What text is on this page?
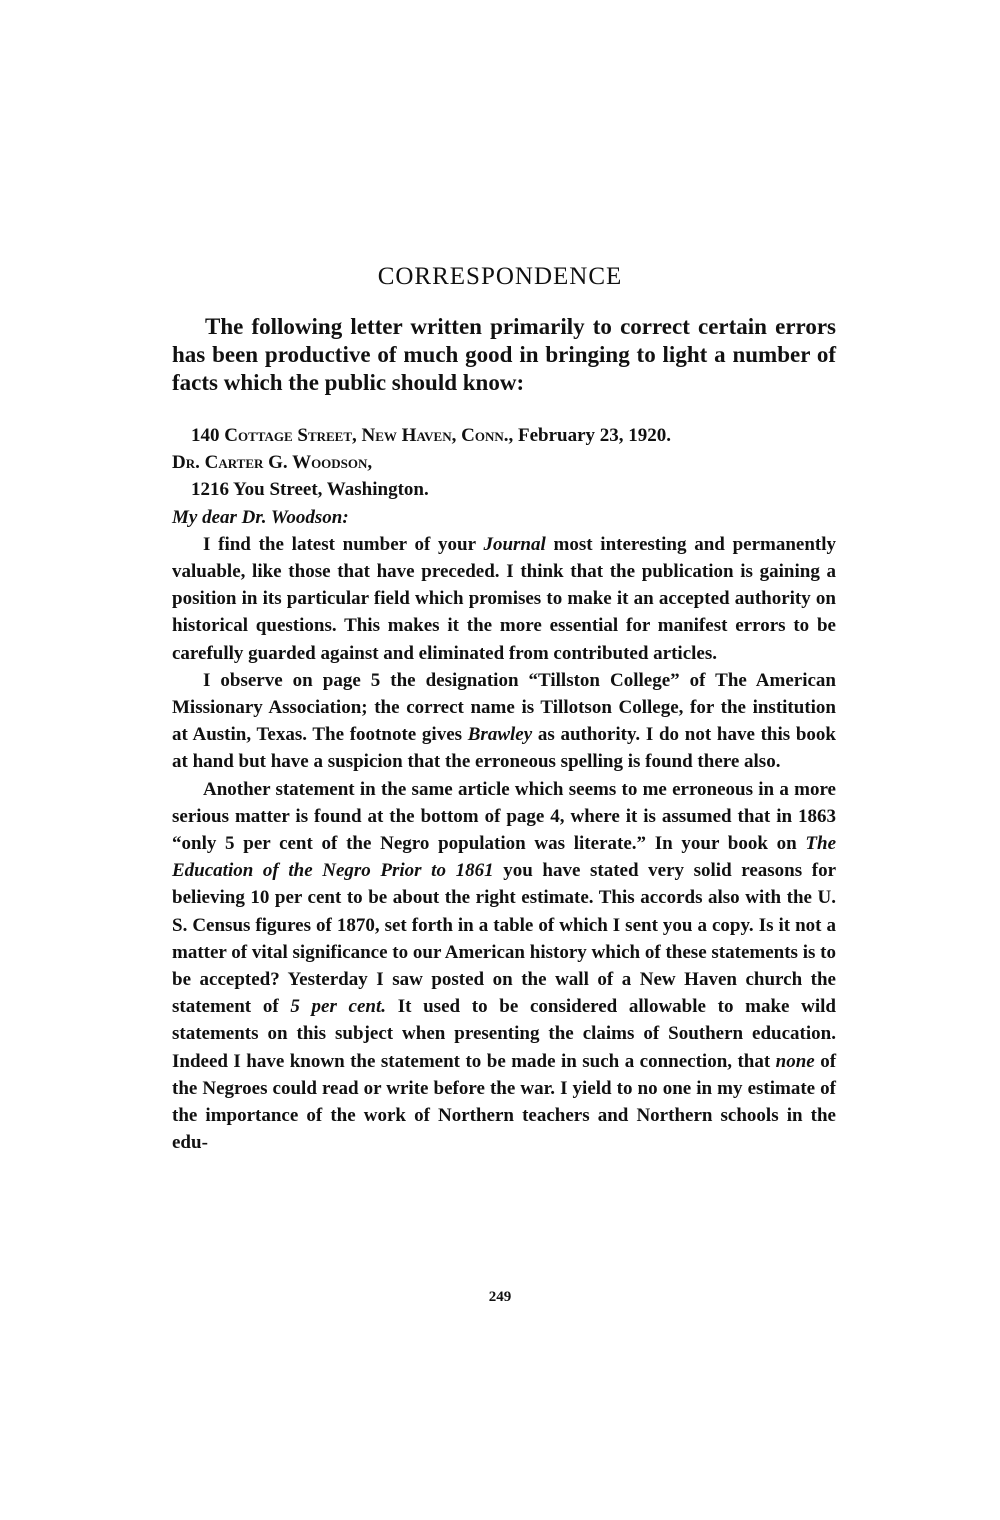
CORRESPONDENCE

The following letter written primarily to correct certain errors has been productive of much good in bringing to light a number of facts which the public should know:

140 Cottage Street, New Haven, Conn., February 23, 1920.

Dr. Carter G. Woodson,

1216 You Street, Washington.

My dear Dr. Woodson:

I find the latest number of your Journal most interesting and permanently valuable, like those that have preceded. I think that the publication is gaining a position in its particular field which promises to make it an accepted authority on historical questions. This makes it the more essential for manifest errors to be carefully guarded against and eliminated from contributed articles.

I observe on page 5 the designation “Tillston College” of The American Missionary Association; the correct name is Tillotson College, for the institution at Austin, Texas. The footnote gives Brawley as authority. I do not have this book at hand but have a suspicion that the erroneous spelling is found there also.

Another statement in the same article which seems to me erroneous in a more serious matter is found at the bottom of page 4, where it is assumed that in 1863 “only 5 per cent of the Negro population was literate.” In your book on The Education of the Negro Prior to 1861 you have stated very solid reasons for believing 10 per cent to be about the right estimate. This accords also with the U. S. Census figures of 1870, set forth in a table of which I sent you a copy. Is it not a matter of vital significance to our American history which of these statements is to be accepted? Yesterday I saw posted on the wall of a New Haven church the statement of 5 per cent. It used to be considered allowable to make wild statements on this subject when presenting the claims of Southern education. Indeed I have known the statement to be made in such a connection, that none of the Negroes could read or write before the war. I yield to no one in my estimate of the importance of the work of Northern teachers and Northern schools in the edu-

249
